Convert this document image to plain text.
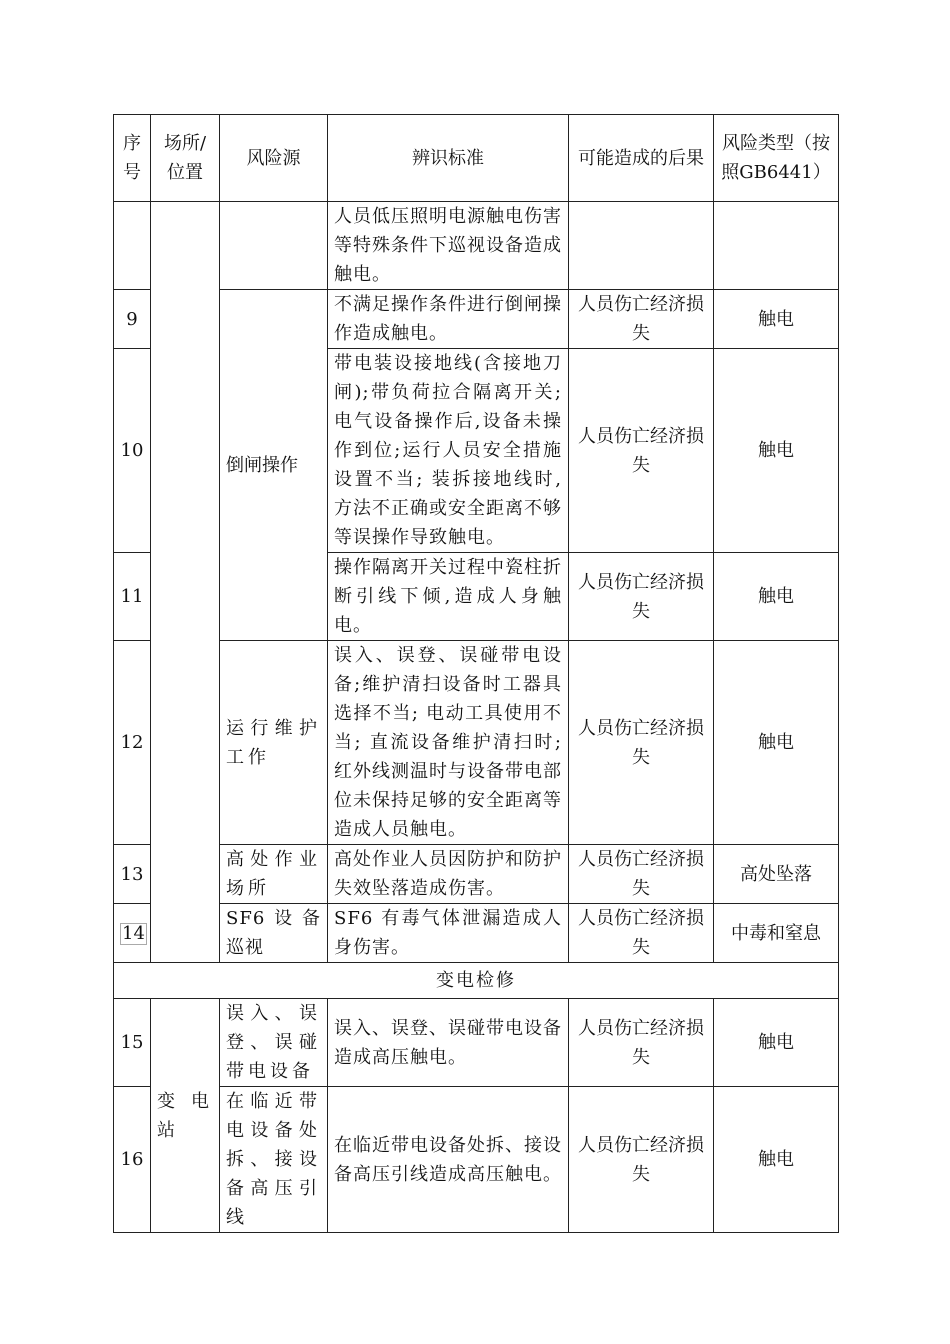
序号	场所/位置	风险源	辨识标准	可能造成的后果	风险类型（按照GB6441）
			人员低压照明电源触电伤害等特殊条件下巡视设备造成触电。		
9		倒闸操作	不满足操作条件进行倒闸操作造成触电。	人员伤亡经济损失	触电
10			带电装设接地线(含接地刀闸);带负荷拉合隔离开关;电气设备操作后,设备未操作到位;运行人员安全措施设置不当; 装拆接地线时,方法不正确或安全距离不够等误操作导致触电。	人员伤亡经济损失	触电
11			操作隔离开关过程中瓷柱折断引线下倾,造成人身触电。	人员伤亡经济损失	触电
12		运行维护工作	误入、误登、误碰带电设备;维护清扫设备时工器具选择不当; 电动工具使用不当; 直流设备维护清扫时;红外线测温时与设备带电部位未保持足够的安全距离等造成人员触电。	人员伤亡经济损失	触电
13		高处作业场所	高处作业人员因防护和防护失效坠落造成伤害。	人员伤亡经济损失	高处坠落
14		SF6设备巡视	SF6 有毒气体泄漏造成人身伤害。	人员伤亡经济损失	中毒和窒息
变电检修					
15	变 电 站	误入、误登、误碰带电设备	误入、误登、误碰带电设备造成高压触电。	人员伤亡经济损失	触电
16		在临近带电设备处拆、接设备高压引线	在临近带电设备处拆、接设备高压引线造成高压触电。	人员伤亡经济损失	触电
